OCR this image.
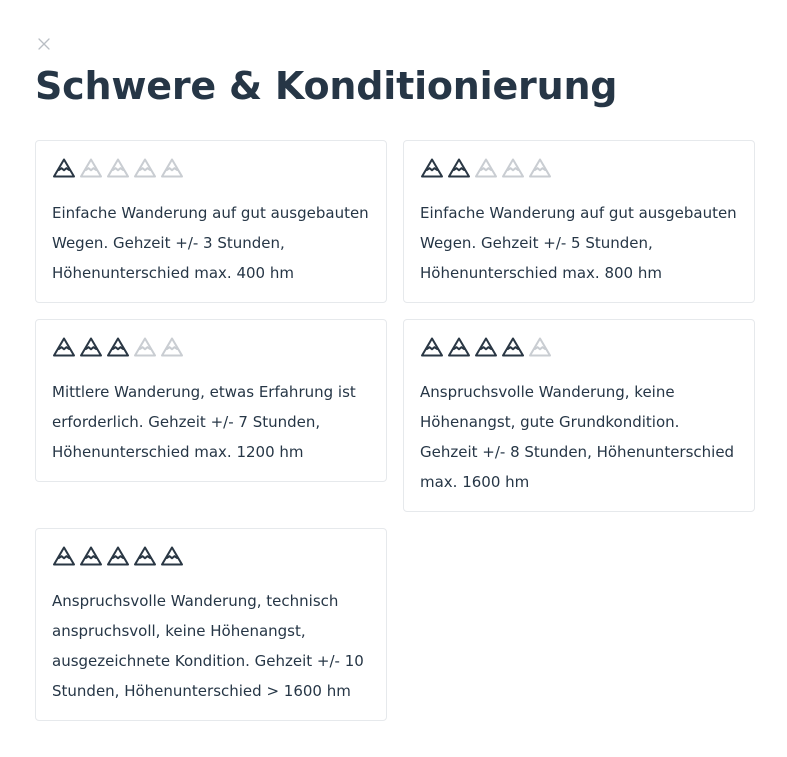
Schwere & Konditionierung

Einfache Wanderung auf gut ausgebauten Wegen. Gehzeit +/- 3 Stunden, Höhenunterschied max. 400 hm

Einfache Wanderung auf gut ausgebauten Wegen. Gehzeit +/- 5 Stunden, Höhenunterschied max. 800 hm

Mittlere Wanderung, etwas Erfahrung ist erforderlich. Gehzeit +/- 7 Stunden, Höhenunterschied max. 1200 hm

Anspruchsvolle Wanderung, keine Höhenangst, gute Grundkondition. Gehzeit +/- 8 Stunden, Höhenunterschied max. 1600 hm

Anspruchsvolle Wanderung, technisch anspruchsvoll, keine Höhenangst, ausgezeichnete Kondition. Gehzeit +/- 10 Stunden, Höhenunterschied > 1600 hm
